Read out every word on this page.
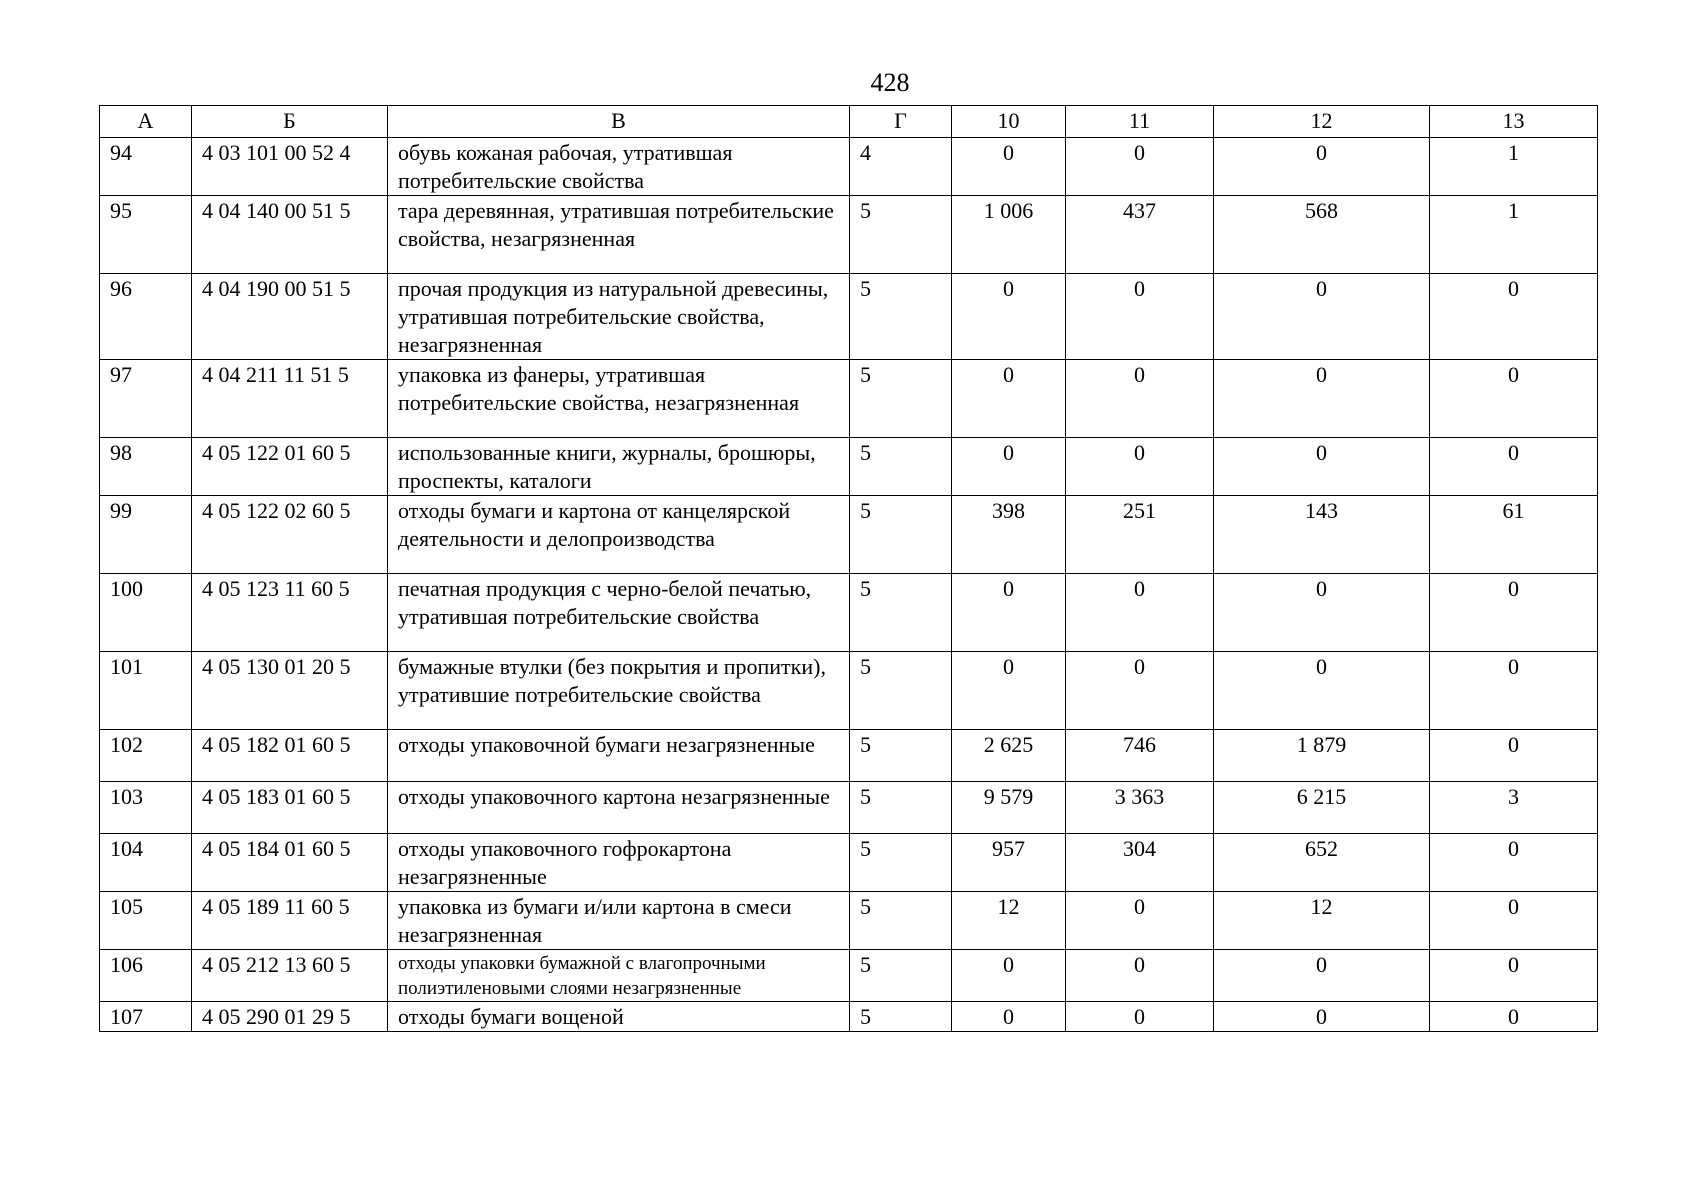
428
А	Б	В	Г	10	11	12	13
94	4 03 101 00 52 4	обувь кожаная рабочая, утратившая потребительские свойства	4	0	0	0	1
95	4 04 140 00 51 5	тара деревянная, утратившая потребительские свойства, незагрязненная	5	1 006	437	568	1
96	4 04 190 00 51 5	прочая продукция из натуральной древесины, утратившая потребительские свойства, незагрязненная	5	0	0	0	0
97	4 04 211 11 51 5	упаковка из фанеры, утратившая потребительские свойства, незагрязненная	5	0	0	0	0
98	4 05 122 01 60 5	использованные книги, журналы, брошюры, проспекты, каталоги	5	0	0	0	0
99	4 05 122 02 60 5	отходы бумаги и картона от канцелярской деятельности и делопроизводства	5	398	251	143	61
100	4 05 123 11 60 5	печатная продукция с черно-белой печатью, утратившая потребительские свойства	5	0	0	0	0
101	4 05 130 01 20 5	бумажные втулки (без покрытия и пропитки), утратившие потребительские свойства	5	0	0	0	0
102	4 05 182 01 60 5	отходы упаковочной бумаги незагрязненные	5	2 625	746	1 879	0
103	4 05 183 01 60 5	отходы упаковочного картона незагрязненные	5	9 579	3 363	6 215	3
104	4 05 184 01 60 5	отходы упаковочного гофрокартона незагрязненные	5	957	304	652	0
105	4 05 189 11 60 5	упаковка из бумаги и/или картона в смеси незагрязненная	5	12	0	12	0
106	4 05 212 13 60 5	отходы упаковки бумажной с влагопрочными полиэтиленовыми слоями незагрязненные	5	0	0	0	0
107	4 05 290 01 29 5	отходы бумаги вощеной	5	0	0	0	0
